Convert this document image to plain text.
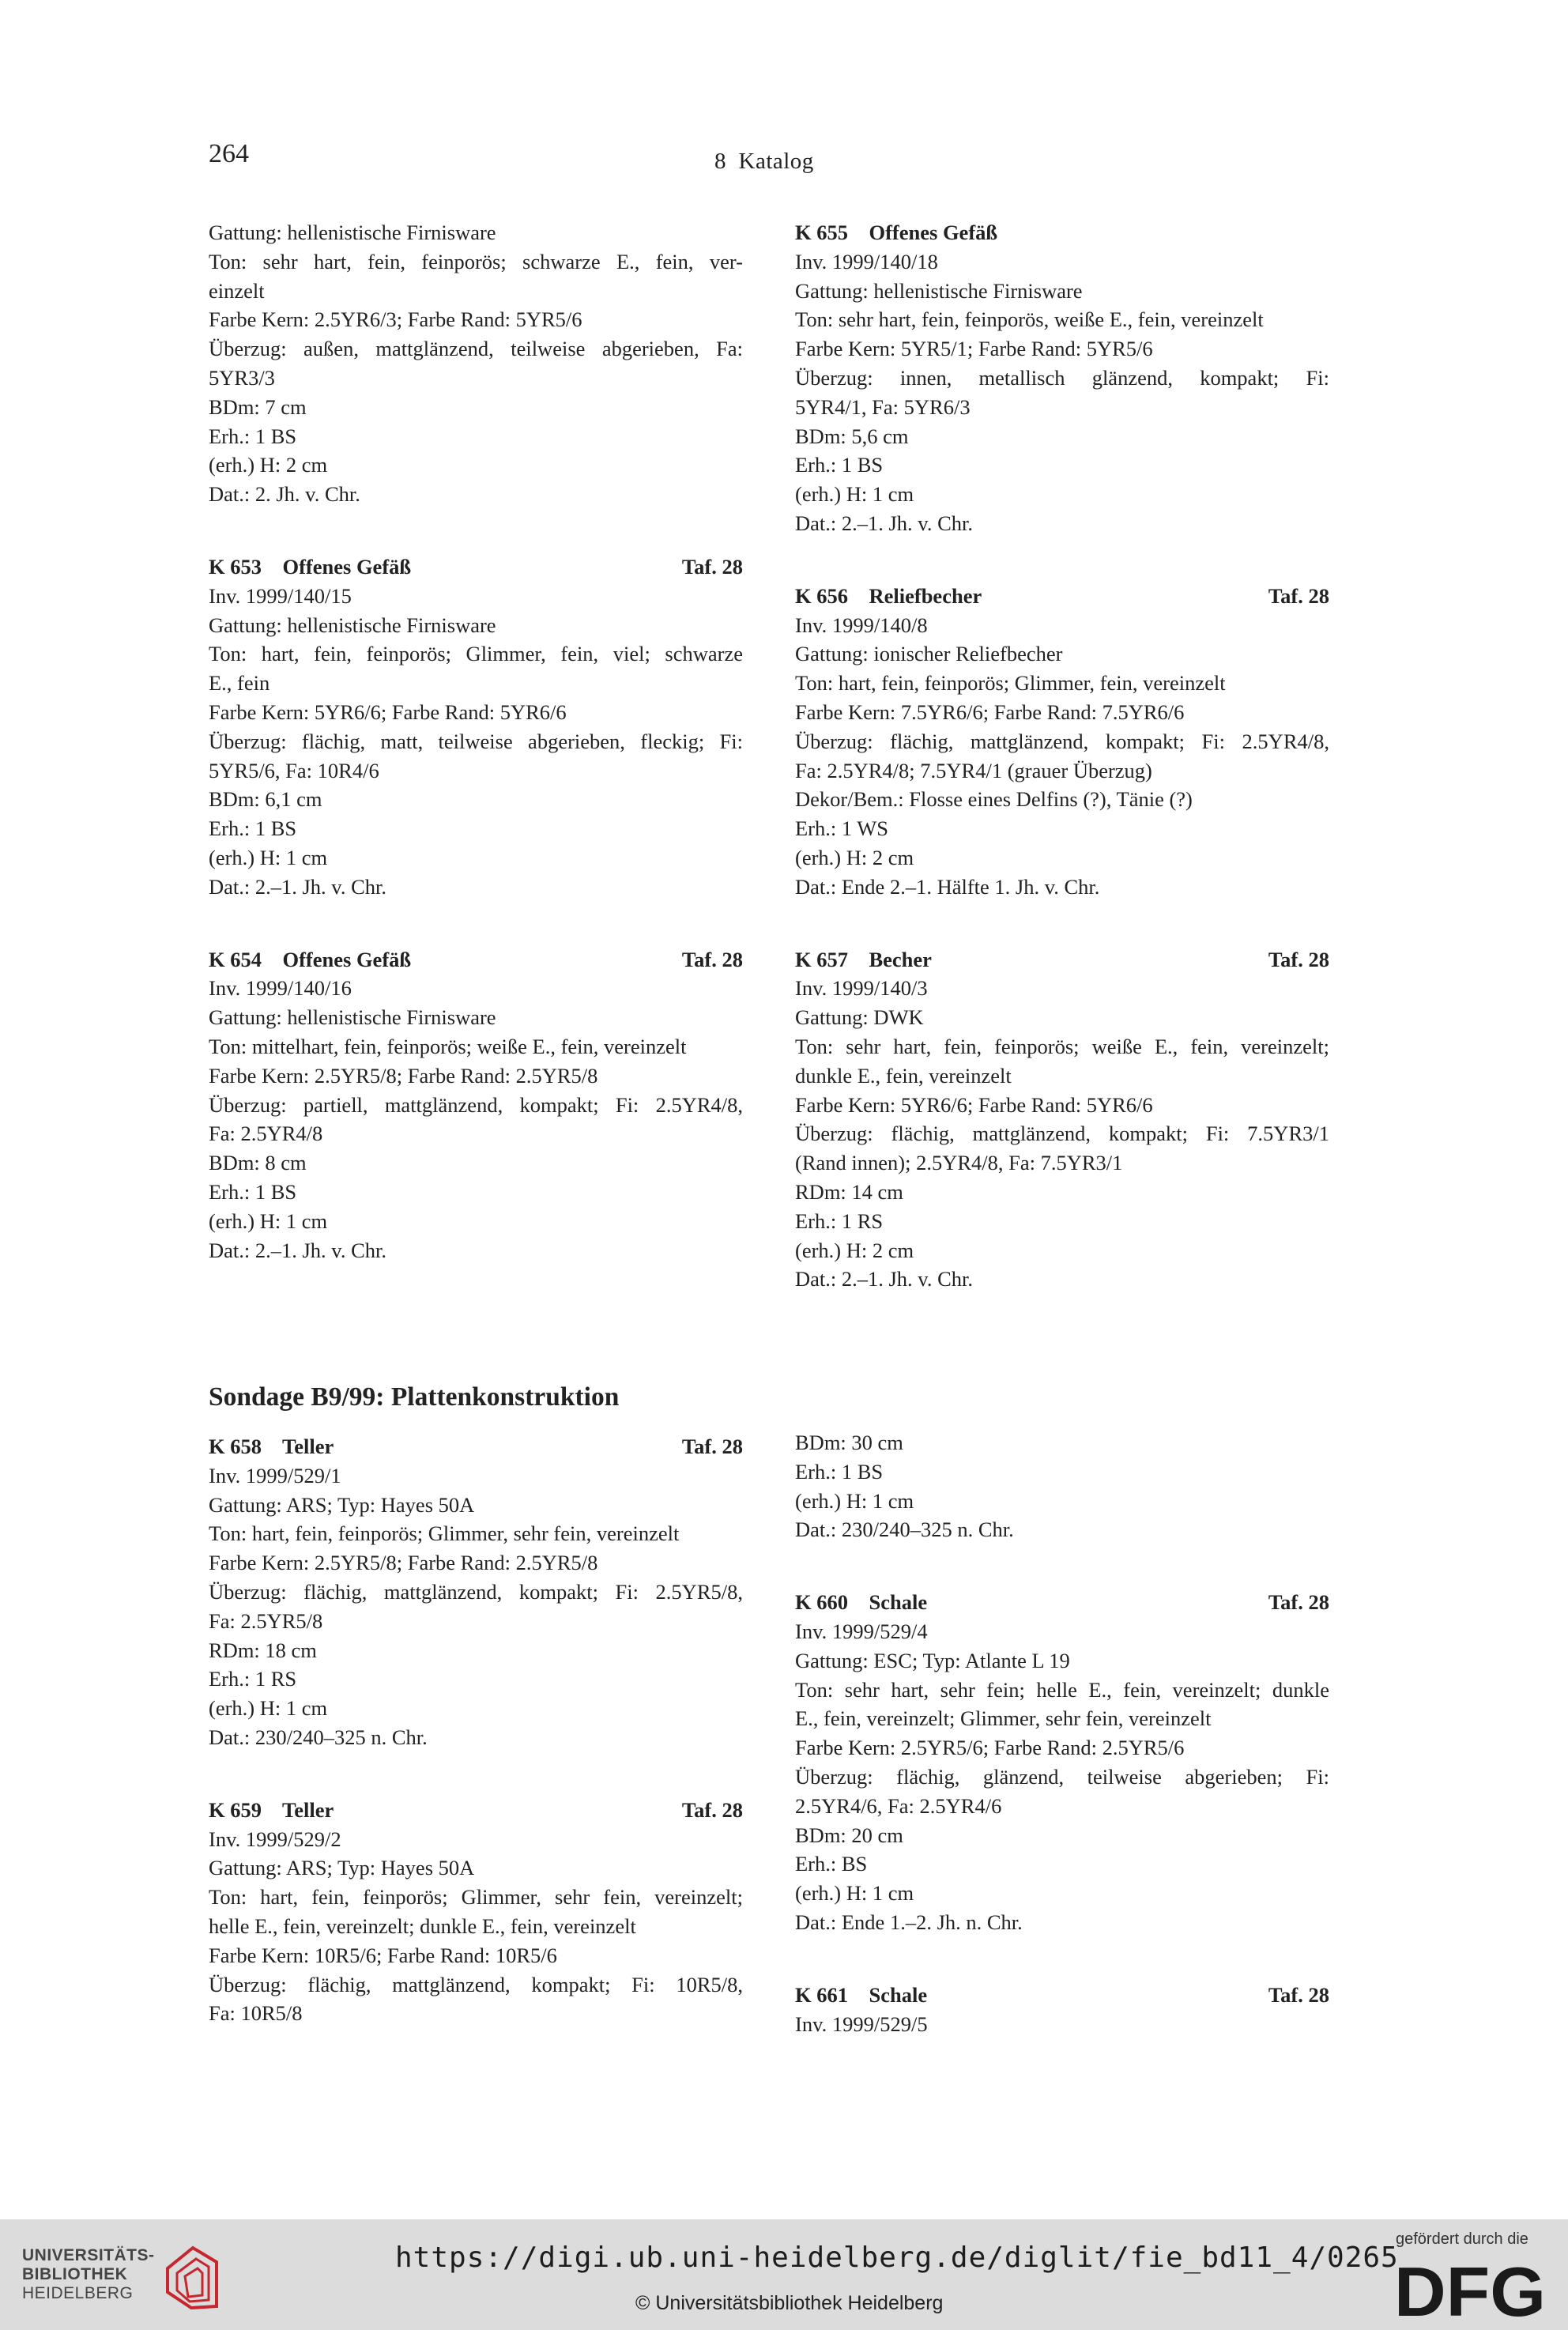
264	8  Katalog
Gattung: hellenistische Firnisware
Ton: sehr hart, fein, feinporös; schwarze E., fein, ver-
einzelt
Farbe Kern: 2.5YR6/3; Farbe Rand: 5YR5/6
Überzug: außen, mattglänzend, teilweise abgerieben, Fa:
5YR3/3
BDm: 7 cm
Erh.: 1 BS
(erh.) H: 2 cm
Dat.: 2. Jh. v. Chr.
K 653    Offenes Gefäß	Taf. 28
Inv. 1999/140/15
Gattung: hellenistische Firnisware
Ton: hart, fein, feinporös; Glimmer, fein, viel; schwarze
E., fein
Farbe Kern: 5YR6/6; Farbe Rand: 5YR6/6
Überzug: flächig, matt, teilweise abgerieben, fleckig; Fi:
5YR5/6, Fa: 10R4/6
BDm: 6,1 cm
Erh.: 1 BS
(erh.) H: 1 cm
Dat.: 2.–1. Jh. v. Chr.
K 654    Offenes Gefäß	Taf. 28
Inv. 1999/140/16
Gattung: hellenistische Firnisware
Ton: mittelhart, fein, feinporös; weiße E., fein, vereinzelt
Farbe Kern: 2.5YR5/8; Farbe Rand: 2.5YR5/8
Überzug: partiell, mattglänzend, kompakt; Fi: 2.5YR4/8,
Fa: 2.5YR4/8
BDm: 8 cm
Erh.: 1 BS
(erh.) H: 1 cm
Dat.: 2.–1. Jh. v. Chr.
K 655    Offenes Gefäß
Inv. 1999/140/18
Gattung: hellenistische Firnisware
Ton: sehr hart, fein, feinporös, weiße E., fein, vereinzelt
Farbe Kern: 5YR5/1; Farbe Rand: 5YR5/6
Überzug: innen, metallisch glänzend, kompakt; Fi:
5YR4/1, Fa: 5YR6/3
BDm: 5,6 cm
Erh.: 1 BS
(erh.) H: 1 cm
Dat.: 2.–1. Jh. v. Chr.
K 656    Reliefbecher	Taf. 28
Inv. 1999/140/8
Gattung: ionischer Reliefbecher
Ton: hart, fein, feinporös; Glimmer, fein, vereinzelt
Farbe Kern: 7.5YR6/6; Farbe Rand: 7.5YR6/6
Überzug: flächig, mattglänzend, kompakt; Fi: 2.5YR4/8,
Fa: 2.5YR4/8; 7.5YR4/1 (grauer Überzug)
Dekor/Bem.: Flosse eines Delfins (?), Tänie (?)
Erh.: 1 WS
(erh.) H: 2 cm
Dat.: Ende 2.–1. Hälfte 1. Jh. v. Chr.
K 657    Becher	Taf. 28
Inv. 1999/140/3
Gattung: DWK
Ton: sehr hart, fein, feinporös; weiße E., fein, vereinzelt;
dunkle E., fein, vereinzelt
Farbe Kern: 5YR6/6; Farbe Rand: 5YR6/6
Überzug: flächig, mattglänzend, kompakt; Fi: 7.5YR3/1
(Rand innen); 2.5YR4/8, Fa: 7.5YR3/1
RDm: 14 cm
Erh.: 1 RS
(erh.) H: 2 cm
Dat.: 2.–1. Jh. v. Chr.
Sondage B9/99: Plattenkonstruktion
K 658    Teller	Taf. 28
Inv. 1999/529/1
Gattung: ARS; Typ: Hayes 50A
Ton: hart, fein, feinporös; Glimmer, sehr fein, vereinzelt
Farbe Kern: 2.5YR5/8; Farbe Rand: 2.5YR5/8
Überzug: flächig, mattglänzend, kompakt; Fi: 2.5YR5/8,
Fa: 2.5YR5/8
RDm: 18 cm
Erh.: 1 RS
(erh.) H: 1 cm
Dat.: 230/240–325 n. Chr.
K 659    Teller	Taf. 28
Inv. 1999/529/2
Gattung: ARS; Typ: Hayes 50A
Ton: hart, fein, feinporös; Glimmer, sehr fein, vereinzelt;
helle E., fein, vereinzelt; dunkle E., fein, vereinzelt
Farbe Kern: 10R5/6; Farbe Rand: 10R5/6
Überzug: flächig, mattglänzend, kompakt; Fi: 10R5/8,
Fa: 10R5/8
BDm: 30 cm
Erh.: 1 BS
(erh.) H: 1 cm
Dat.: 230/240–325 n. Chr.
K 660    Schale	Taf. 28
Inv. 1999/529/4
Gattung: ESC; Typ: Atlante L 19
Ton: sehr hart, sehr fein; helle E., fein, vereinzelt; dunkle
E., fein, vereinzelt; Glimmer, sehr fein, vereinzelt
Farbe Kern: 2.5YR5/6; Farbe Rand: 2.5YR5/6
Überzug: flächig, glänzend, teilweise abgerieben; Fi:
2.5YR4/6, Fa: 2.5YR4/6
BDm: 20 cm
Erh.: BS
(erh.) H: 1 cm
Dat.: Ende 1.–2. Jh. n. Chr.
K 661    Schale	Taf. 28
Inv. 1999/529/5
UNIVERSITÄTS-
BIBLIOTHEK
HEIDELBERG
https://digi.ub.uni-heidelberg.de/diglit/fie_bd11_4/0265
© Universitätsbibliothek Heidelberg
gefördert durch die
DFG
